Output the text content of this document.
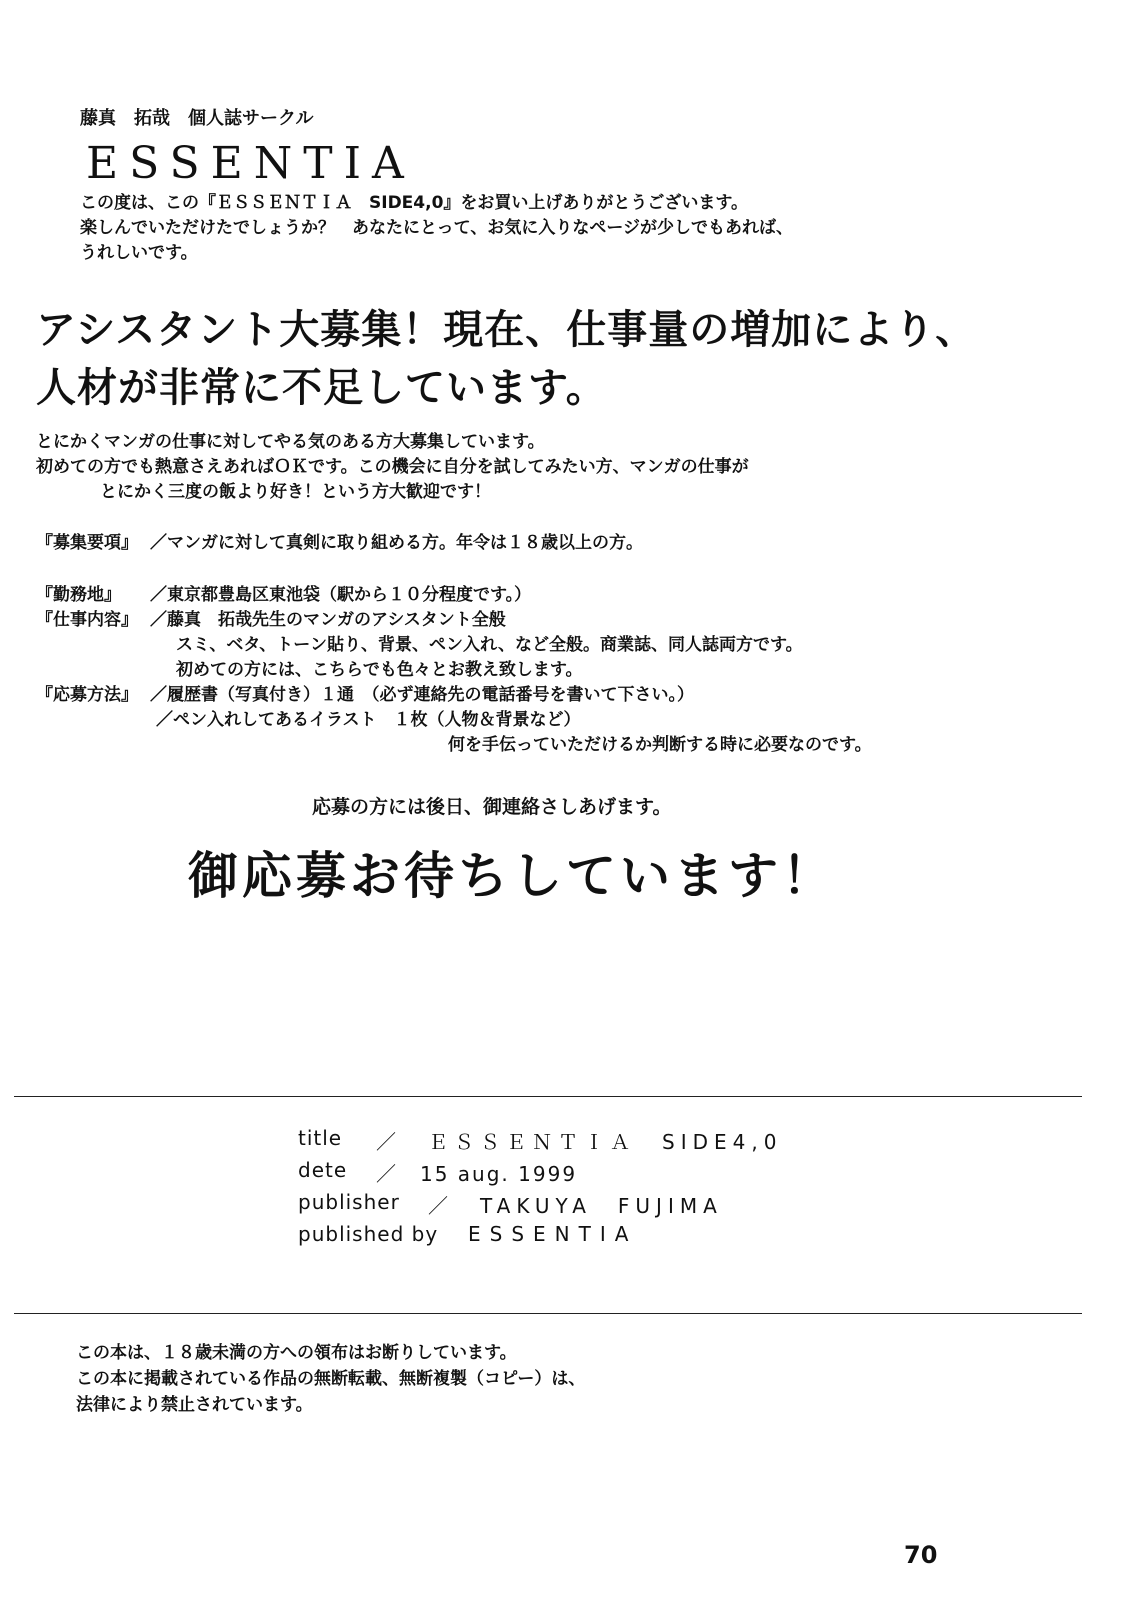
藤真　拓哉　個人誌サークル
ESSENTIA
この度は、この『ＥＳＳＥＮＴＩＡ　SIDE4,0』をお買い上げありがとうございます。
楽しんでいただけたでしょうか？　あなたにとって、お気に入りなページが少しでもあれば、
うれしいです。
アシスタント大募集！現在、仕事量の増加により、
人材が非常に不足しています。
とにかくマンガの仕事に対してやる気のある方大募集しています。
初めての方でも熱意さえあればＯＫです。この機会に自分を試してみたい方、マンガの仕事が
とにかく三度の飯より好き！という方大歓迎です！
『募集要項』 ／マンガに対して真剣に取り組める方。年令は１８歳以上の方。
『勤務地』 ／東京都豊島区東池袋（駅から１０分程度です。）
『仕事内容』 ／藤真　拓哉先生のマンガのアシスタント全般
スミ、ベタ、トーン貼り、背景、ペン入れ、など全般。商業誌、同人誌両方です。
初めての方には、こちらでも色々とお教え致します。
『応募方法』 ／履歴書（写真付き）１通　（必ず連絡先の電話番号を書いて下さい。）
／ペン入れしてあるイラスト　１枚（人物＆背景など）
何を手伝っていただけるか判断する時に必要なのです。
応募の方には後日、御連絡さしあげます。
御応募お待ちしています！
title ／　ＥＳＳＥＮＴＩＡ　SIDE4,0
dete ／　15 aug. 1999
publisher ／　TAKUYA　FUJIMA
published by ESSENTIA
この本は、１８歳未満の方への領布はお断りしています。
この本に掲載されている作品の無断転載、無断複製（コピー）は、
法律により禁止されています。
70
